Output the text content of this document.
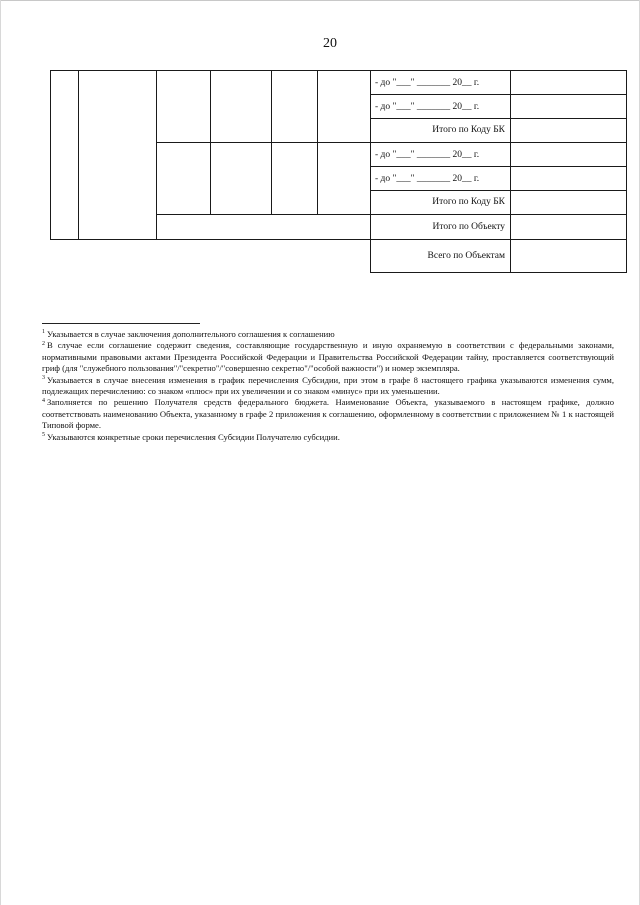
20
- до "___" _______ 20__ г.
- до "___" _______ 20__ г.
Итого по Коду БК
- до "___" _______ 20__ г.
- до "___" _______ 20__ г.
Итого по Коду БК
Итого по Объекту
Всего по Объектам

$^1$ Указывается в случае заключения дополнительного соглашения к соглашению

$^2$ В случае если соглашение содержит сведения, составляющие государственную и иную охраняемую в соответствии с федеральными законами, нормативными правовыми актами Президента Российской Федерации и Правительства Российской Федерации тайну, проставляется соответствующий гриф (для "служебного пользования"/"секретно"/"совершенно секретно"/"особой важности") и номер экземпляра.

$^3$ Указывается в случае внесения изменения в график перечисления Субсидии, при этом в графе 8 настоящего графика указываются изменения сумм, подлежащих перечислению: со знаком «плюс» при их увеличении и со знаком «минус» при их уменьшении.

$^4$ Заполняется по решению Получателя средств федерального бюджета. Наименование Объекта, указываемого в настоящем графике, должно соответствовать наименованию Объекта, указанному в графе 2 приложения к соглашению, оформленному в соответствии с приложением № 1 к настоящей Типовой форме.

$^5$ Указываются конкретные сроки перечисления Субсидии Получателю субсидии.
